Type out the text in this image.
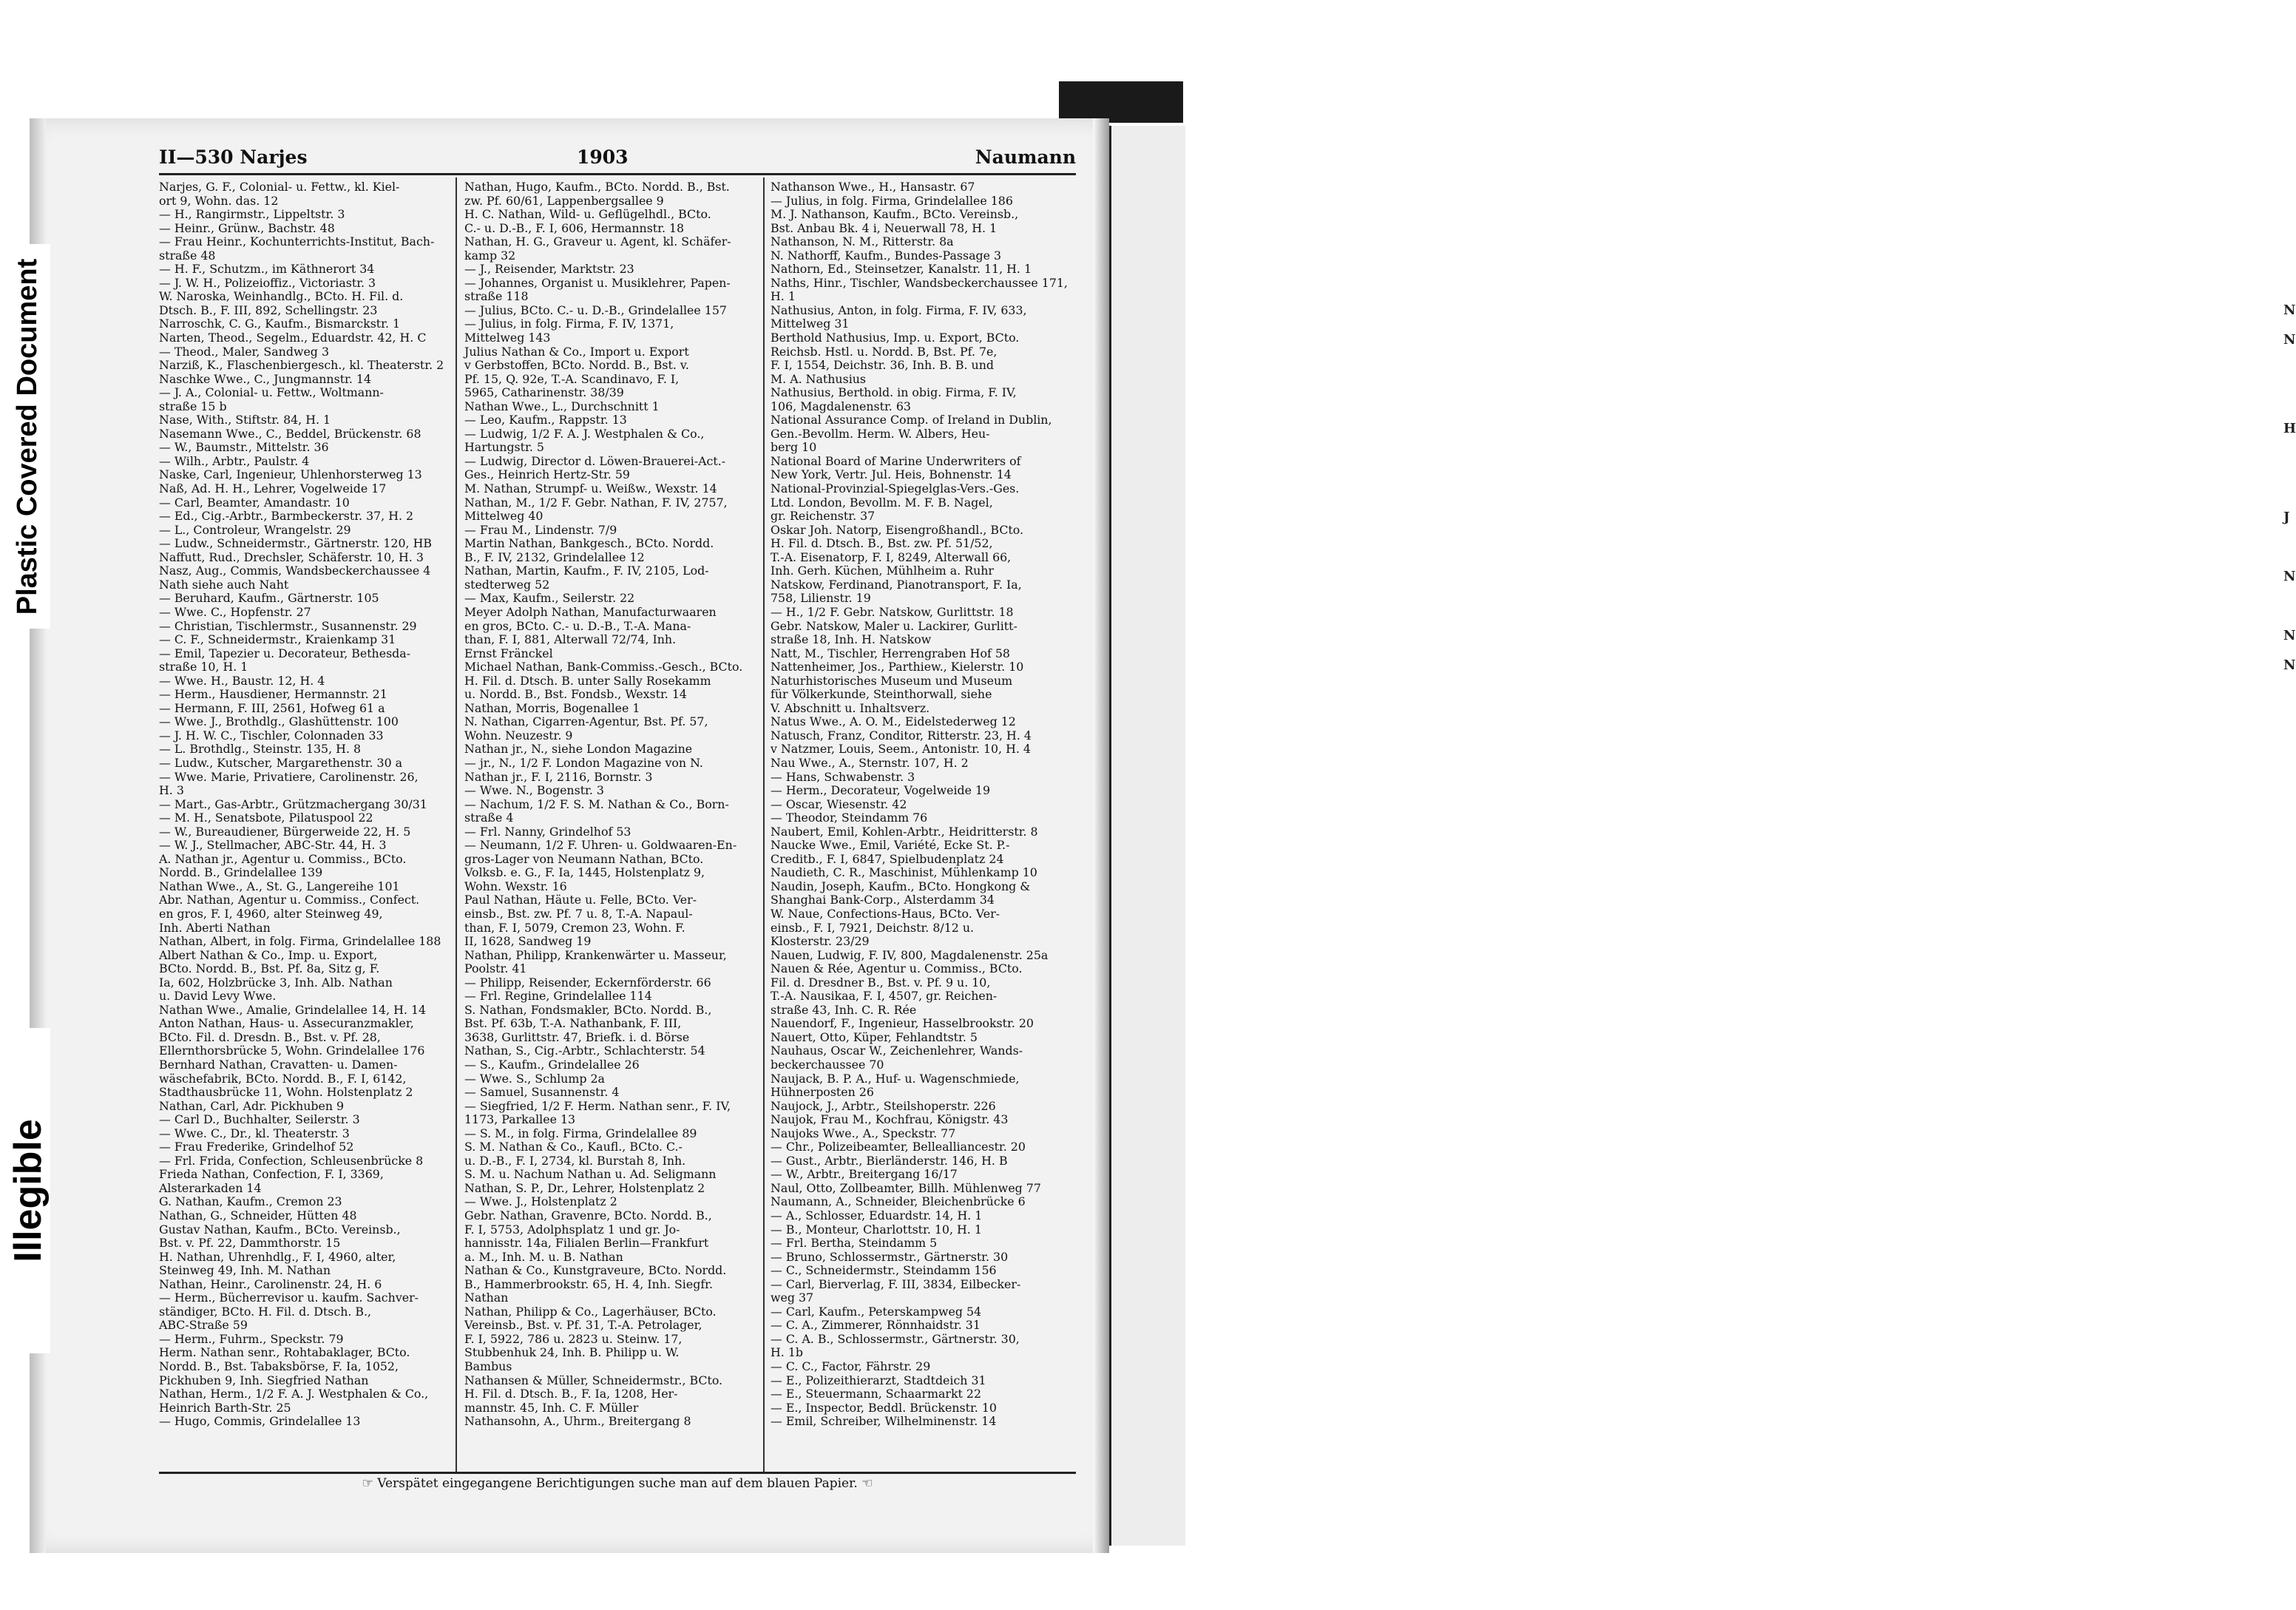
N
N

H

J

N

N
N
Plastic Covered Document
Illegible
II—530 Narjes	1903	Naumann
Narjes, G. F., Colonial- u. Fettw., kl. Kiel-
ort 9, Wohn. das. 12
— H., Rangirmstr., Lippeltstr. 3
— Heinr., Grünw., Bachstr. 48
— Frau Heinr., Kochunterrichts-Institut, Bach-
straße 48
— H. F., Schutzm., im Käthnerort 34
— J. W. H., Polizeioffiz., Victoriastr. 3
W. Naroska, Weinhandlg., BCto. H. Fil. d.
Dtsch. B., F. III, 892, Schellingstr. 23
Narroschk, C. G., Kaufm., Bismarckstr. 1
Narten, Theod., Segelm., Eduardstr. 42, H. C
— Theod., Maler, Sandweg 3
Narziß, K., Flaschenbiergesch., kl. Theaterstr. 2
Naschke Wwe., C., Jungmannstr. 14
— J. A., Colonial- u. Fettw., Woltmann-
straße 15 b
Nase, With., Stiftstr. 84, H. 1
Nasemann Wwe., C., Beddel, Brückenstr. 68
— W., Baumstr., Mittelstr. 36
— Wilh., Arbtr., Paulstr. 4
Naske, Carl, Ingenieur, Uhlenhorsterweg 13
Naß, Ad. H. H., Lehrer, Vogelweide 17
— Carl, Beamter, Amandastr. 10
— Ed., Cig.-Arbtr., Barmbeckerstr. 37, H. 2
— L., Controleur, Wrangelstr. 29
— Ludw., Schneidermstr., Gärtnerstr. 120, HB
Naffutt, Rud., Drechsler, Schäferstr. 10, H. 3
Nasz, Aug., Commis, Wandsbeckerchaussee 4
Nath siehe auch Naht
— Beruhard, Kaufm., Gärtnerstr. 105
— Wwe. C., Hopfenstr. 27
— Christian, Tischlermstr., Susannenstr. 29
— C. F., Schneidermstr., Kraienkamp 31
— Emil, Tapezier u. Decorateur, Bethesda-
straße 10, H. 1
— Wwe. H., Baustr. 12, H. 4
— Herm., Hausdiener, Hermannstr. 21
— Hermann, F. III, 2561, Hofweg 61 a
— Wwe. J., Brothdlg., Glashüttenstr. 100
— J. H. W. C., Tischler, Colonnaden 33
— L. Brothdlg., Steinstr. 135, H. 8
— Ludw., Kutscher, Margarethenstr. 30 a
— Wwe. Marie, Privatiere, Carolinenstr. 26,
H. 3
— Mart., Gas-Arbtr., Grützmachergang 30/31
— M. H., Senatsbote, Pilatuspool 22
— W., Bureaudiener, Bürgerweide 22, H. 5
— W. J., Stellmacher, ABC-Str. 44, H. 3
A. Nathan jr., Agentur u. Commiss., BCto.
Nordd. B., Grindelallee 139
Nathan Wwe., A., St. G., Langereihe 101
Abr. Nathan, Agentur u. Commiss., Confect.
en gros, F. I, 4960, alter Steinweg 49,
Inh. Aberti Nathan
Nathan, Albert, in folg. Firma, Grindelallee 188
Albert Nathan & Co., Imp. u. Export,
BCto. Nordd. B., Bst. Pf. 8a, Sitz g, F.
Ia, 602, Holzbrücke 3, Inh. Alb. Nathan
u. David Levy Wwe.
Nathan Wwe., Amalie, Grindelallee 14, H. 14
Anton Nathan, Haus- u. Assecuranzmakler,
BCto. Fil. d. Dresdn. B., Bst. v. Pf. 28,
Ellernthorsbrücke 5, Wohn. Grindelallee 176
Bernhard Nathan, Cravatten- u. Damen-
wäschefabrik, BCto. Nordd. B., F. I, 6142,
Stadthausbrücke 11, Wohn. Holstenplatz 2
Nathan, Carl, Adr. Pickhuben 9
— Carl D., Buchhalter, Seilerstr. 3
— Wwe. C., Dr., kl. Theaterstr. 3
— Frau Frederike, Grindelhof 52
— Frl. Frida, Confection, Schleusenbrücke 8
Frieda Nathan, Confection, F. I, 3369,
Alsterarkaden 14
G. Nathan, Kaufm., Cremon 23
Nathan, G., Schneider, Hütten 48
Gustav Nathan, Kaufm., BCto. Vereinsb.,
Bst. v. Pf. 22, Dammthorstr. 15
H. Nathan, Uhrenhdlg., F. I, 4960, alter,
Steinweg 49, Inh. M. Nathan
Nathan, Heinr., Carolinenstr. 24, H. 6
— Herm., Bücherrevisor u. kaufm. Sachver-
ständiger, BCto. H. Fil. d. Dtsch. B.,
ABC-Straße 59
— Herm., Fuhrm., Speckstr. 79
Herm. Nathan senr., Rohtabaklager, BCto.
Nordd. B., Bst. Tabaksbörse, F. Ia, 1052,
Pickhuben 9, Inh. Siegfried Nathan
Nathan, Herm., 1/2 F. A. J. Westphalen & Co.,
Heinrich Barth-Str. 25
— Hugo, Commis, Grindelallee 13
Nathan, Hugo, Kaufm., BCto. Nordd. B., Bst.
zw. Pf. 60/61, Lappenbergsallee 9
H. C. Nathan, Wild- u. Geflügelhdl., BCto.
C.- u. D.-B., F. I, 606, Hermannstr. 18
Nathan, H. G., Graveur u. Agent, kl. Schäfer-
kamp 32
— J., Reisender, Marktstr. 23
— Johannes, Organist u. Musiklehrer, Papen-
straße 118
— Julius, BCto. C.- u. D.-B., Grindelallee 157
— Julius, in folg. Firma, F. IV, 1371,
Mittelweg 143
Julius Nathan & Co., Import u. Export
v Gerbstoffen, BCto. Nordd. B., Bst. v.
Pf. 15, Q. 92e, T.-A. Scandinavo, F. I,
5965, Catharinenstr. 38/39
Nathan Wwe., L., Durchschnitt 1
— Leo, Kaufm., Rappstr. 13
— Ludwig, 1/2 F. A. J. Westphalen & Co.,
Hartungstr. 5
— Ludwig, Director d. Löwen-Brauerei-Act.-
Ges., Heinrich Hertz-Str. 59
M. Nathan, Strumpf- u. Weißw., Wexstr. 14
Nathan, M., 1/2 F. Gebr. Nathan, F. IV, 2757,
Mittelweg 40
— Frau M., Lindenstr. 7/9
Martin Nathan, Bankgesch., BCto. Nordd.
B., F. IV, 2132, Grindelallee 12
Nathan, Martin, Kaufm., F. IV, 2105, Lod-
stedterweg 52
— Max, Kaufm., Seilerstr. 22
Meyer Adolph Nathan, Manufacturwaaren
en gros, BCto. C.- u. D.-B., T.-A. Mana-
than, F. I, 881, Alterwall 72/74, Inh.
Ernst Fränckel
Michael Nathan, Bank-Commiss.-Gesch., BCto.
H. Fil. d. Dtsch. B. unter Sally Rosekamm
u. Nordd. B., Bst. Fondsb., Wexstr. 14
Nathan, Morris, Bogenallee 1
N. Nathan, Cigarren-Agentur, Bst. Pf. 57,
Wohn. Neuzestr. 9
Nathan jr., N., siehe London Magazine
— jr., N., 1/2 F. London Magazine von N.
Nathan jr., F. I, 2116, Bornstr. 3
— Wwe. N., Bogenstr. 3
— Nachum, 1/2 F. S. M. Nathan & Co., Born-
straße 4
— Frl. Nanny, Grindelhof 53
— Neumann, 1/2 F. Uhren- u. Goldwaaren-En-
gros-Lager von Neumann Nathan, BCto.
Volksb. e. G., F. Ia, 1445, Holstenplatz 9,
Wohn. Wexstr. 16
Paul Nathan, Häute u. Felle, BCto. Ver-
einsb., Bst. zw. Pf. 7 u. 8, T.-A. Napaul-
than, F. I, 5079, Cremon 23, Wohn. F.
II, 1628, Sandweg 19
Nathan, Philipp, Krankenwärter u. Masseur,
Poolstr. 41
— Philipp, Reisender, Eckernförderstr. 66
— Frl. Regine, Grindelallee 114
S. Nathan, Fondsmakler, BCto. Nordd. B.,
Bst. Pf. 63b, T.-A. Nathanbank, F. III,
3638, Gurlittstr. 47, Briefk. i. d. Börse
Nathan, S., Cig.-Arbtr., Schlachterstr. 54
— S., Kaufm., Grindelallee 26
— Wwe. S., Schlump 2a
— Samuel, Susannenstr. 4
— Siegfried, 1/2 F. Herm. Nathan senr., F. IV,
1173, Parkallee 13
— S. M., in folg. Firma, Grindelallee 89
S. M. Nathan & Co., Kaufl., BCto. C.-
u. D.-B., F. I, 2734, kl. Burstah 8, Inh.
S. M. u. Nachum Nathan u. Ad. Seligmann
Nathan, S. P., Dr., Lehrer, Holstenplatz 2
— Wwe. J., Holstenplatz 2
Gebr. Nathan, Gravenre, BCto. Nordd. B.,
F. I, 5753, Adolphsplatz 1 und gr. Jo-
hannisstr. 14a, Filialen Berlin—Frankfurt
a. M., Inh. M. u. B. Nathan
Nathan & Co., Kunstgraveure, BCto. Nordd.
B., Hammerbrookstr. 65, H. 4, Inh. Siegfr.
Nathan
Nathan, Philipp & Co., Lagerhäuser, BCto.
Vereinsb., Bst. v. Pf. 31, T.-A. Petrolager,
F. I, 5922, 786 u. 2823 u. Steinw. 17,
Stubbenhuk 24, Inh. B. Philipp u. W.
Bambus
Nathansen & Müller, Schneidermstr., BCto.
H. Fil. d. Dtsch. B., F. Ia, 1208, Her-
mannstr. 45, Inh. C. F. Müller
Nathansohn, A., Uhrm., Breitergang 8
Nathanson Wwe., H., Hansastr. 67
— Julius, in folg. Firma, Grindelallee 186
M. J. Nathanson, Kaufm., BCto. Vereinsb.,
Bst. Anbau Bk. 4 i, Neuerwall 78, H. 1
Nathanson, N. M., Ritterstr. 8a
N. Nathorff, Kaufm., Bundes-Passage 3
Nathorn, Ed., Steinsetzer, Kanalstr. 11, H. 1
Naths, Hinr., Tischler, Wandsbeckerchaussee 171,
H. 1
Nathusius, Anton, in folg. Firma, F. IV, 633,
Mittelweg 31
Berthold Nathusius, Imp. u. Export, BCto.
Reichsb. Hstl. u. Nordd. B, Bst. Pf. 7e,
F. I, 1554, Deichstr. 36, Inh. B. B. und
M. A. Nathusius
Nathusius, Berthold. in obig. Firma, F. IV,
106, Magdalenenstr. 63
National Assurance Comp. of Ireland in Dublin,
Gen.-Bevollm. Herm. W. Albers, Heu-
berg 10
National Board of Marine Underwriters of
New York, Vertr. Jul. Heis, Bohnenstr. 14
National-Provinzial-Spiegelglas-Vers.-Ges.
Ltd. London, Bevollm. M. F. B. Nagel,
gr. Reichenstr. 37
Oskar Joh. Natorp, Eisengroßhandl., BCto.
H. Fil. d. Dtsch. B., Bst. zw. Pf. 51/52,
T.-A. Eisenatorp, F. I, 8249, Alterwall 66,
Inh. Gerh. Küchen, Mühlheim a. Ruhr
Natskow, Ferdinand, Pianotransport, F. Ia,
758, Lilienstr. 19
— H., 1/2 F. Gebr. Natskow, Gurlittstr. 18
Gebr. Natskow, Maler u. Lackirer, Gurlitt-
straße 18, Inh. H. Natskow
Natt, M., Tischler, Herrengraben Hof 58
Nattenheimer, Jos., Parthiew., Kielerstr. 10
Naturhistorisches Museum und Museum
für Völkerkunde, Steinthorwall, siehe
V. Abschnitt u. Inhaltsverz.
Natus Wwe., A. O. M., Eidelstederweg 12
Natusch, Franz, Conditor, Ritterstr. 23, H. 4
v Natzmer, Louis, Seem., Antonistr. 10, H. 4
Nau Wwe., A., Sternstr. 107, H. 2
— Hans, Schwabenstr. 3
— Herm., Decorateur, Vogelweide 19
— Oscar, Wiesenstr. 42
— Theodor, Steindamm 76
Naubert, Emil, Kohlen-Arbtr., Heidritterstr. 8
Naucke Wwe., Emil, Variété, Ecke St. P.-
Creditb., F. I, 6847, Spielbudenplatz 24
Naudieth, C. R., Maschinist, Mühlenkamp 10
Naudin, Joseph, Kaufm., BCto. Hongkong &
Shanghai Bank-Corp., Alsterdamm 34
W. Naue, Confections-Haus, BCto. Ver-
einsb., F. I, 7921, Deichstr. 8/12 u.
Klosterstr. 23/29
Nauen, Ludwig, F. IV, 800, Magdalenenstr. 25a
Nauen & Rée, Agentur u. Commiss., BCto.
Fil. d. Dresdner B., Bst. v. Pf. 9 u. 10,
T.-A. Nausikaa, F. I, 4507, gr. Reichen-
straße 43, Inh. C. R. Rée
Nauendorf, F., Ingenieur, Hasselbrookstr. 20
Nauert, Otto, Küper, Fehlandtstr. 5
Nauhaus, Oscar W., Zeichenlehrer, Wands-
beckerchaussee 70
Naujack, B. P. A., Huf- u. Wagenschmiede,
Hühnerposten 26
Naujock, J., Arbtr., Steilshoperstr. 226
Naujok, Frau M., Kochfrau, Königstr. 43
Naujoks Wwe., A., Speckstr. 77
— Chr., Polizeibeamter, Bellealliancestr. 20
— Gust., Arbtr., Bierländerstr. 146, H. B
— W., Arbtr., Breitergang 16/17
Naul, Otto, Zollbeamter, Billh. Mühlenweg 77
Naumann, A., Schneider, Bleichenbrücke 6
— A., Schlosser, Eduardstr. 14, H. 1
— B., Monteur, Charlottstr. 10, H. 1
— Frl. Bertha, Steindamm 5
— Bruno, Schlossermstr., Gärtnerstr. 30
— C., Schneidermstr., Steindamm 156
— Carl, Bierverlag, F. III, 3834, Eilbecker-
weg 37
— Carl, Kaufm., Peterskampweg 54
— C. A., Zimmerer, Rönnhaidstr. 31
— C. A. B., Schlossermstr., Gärtnerstr. 30,
H. 1b
— C. C., Factor, Fährstr. 29
— E., Polizeithierarzt, Stadtdeich 31
— E., Steuermann, Schaarmarkt 22
— E., Inspector, Beddl. Brückenstr. 10
— Emil, Schreiber, Wilhelminenstr. 14
☞ Verspätet eingegangene Berichtigungen suche man auf dem blauen Papier. ☜
